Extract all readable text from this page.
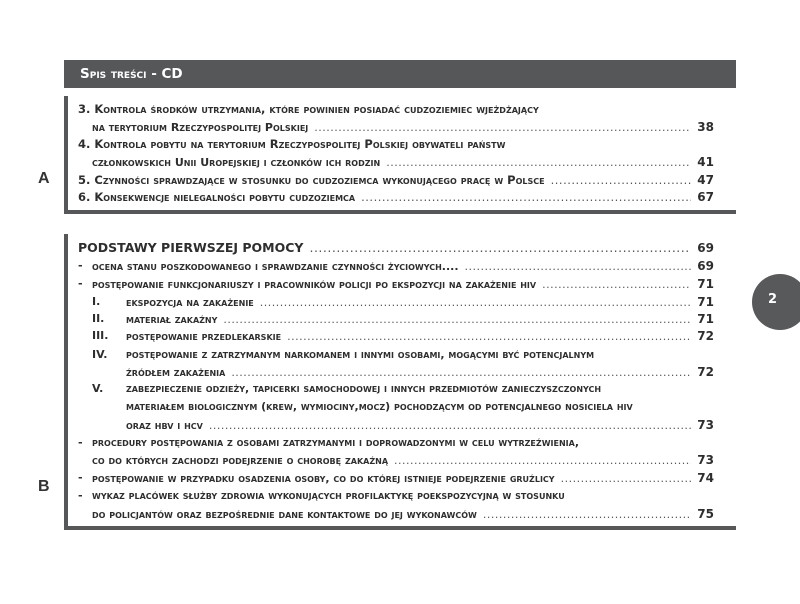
Spis treści - CD
2
A
B
3. Kontrola środków utrzymania, które powinien posiadać cudzoziemiec wjeżdżający
na terytorium Rzeczypospolitej Polskiej .....	38
4. Kontrola pobytu na terytorium Rzeczypospolitej Polskiej obywateli państw
członkowskich Unii Uropejskiej i członków ich rodzin .....	41
5. Czynności sprawdzające w stosunku do cudzoziemca wykonującego pracę w Polsce .....	47
6. Konsekwencje nielegalności pobytu cudzoziemca .....	67
PODSTAWY PIERWSZEJ POMOCY .....	69
- ocena stanu poszkodowanego i sprawdzanie czynności życiowych.... .....	69
- postępowanie funkcjonariuszy i pracowników policji po ekspozycji na zakażenie hiv .....	71
I. ekspozycja na zakażenie .....	71
II. materiał zakaźny .....	71
III. postępowanie przedlekarskie .....	72
IV. postępowanie z zatrzymanym narkomanem i innymi osobami, mogącymi być potencjalnym
źródłem zakażenia .....	72
V. zabezpieczenie odzieży, tapicerki samochodowej i innych przedmiotów zanieczyszczonych
materiałem biologicznym (krew, wymiociny,mocz) pochodzącym od potencjalnego nosiciela hiv
oraz hbv i hcv .....	73
- procedury postępowania z osobami zatrzymanymi i doprowadzonymi w celu wytrzeźwienia,
co do których zachodzi podejrzenie o chorobę zakaźną .....	73
- postępowanie w przypadku osadzenia osoby, co do której istnieje podejrzenie gruźlicy .....	74
- wykaz placówek służby zdrowia wykonujących profilaktykę poekspozycyjną w stosunku
do policjantów oraz bezpośrednie dane kontaktowe do jej wykonawców .....	75
